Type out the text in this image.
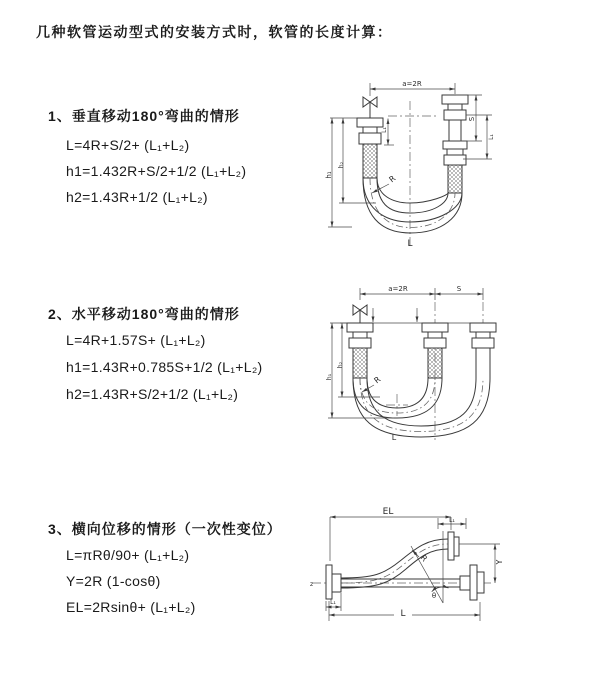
几种软管运动型式的安装方式时，软管的长度计算：
1、垂直移动180°弯曲的情形
L=4R+S/2+ (L₁+L₂)
h1=1.432R+S/2+1/2 (L₁+L₂)
h2=1.43R+1/2 (L₁+L₂)
a=2R
h₁
h₂
L₁
S
L₁
R
L
2、水平移动180°弯曲的情形
L=4R+1.57S+ (L₁+L₂)
h1=1.43R+0.785S+1/2 (L₁+L₂)
h2=1.43R+S/2+1/2 (L₁+L₂)
a=2R	S
h₁
h₂
R
L
3、横向位移的情形（一次性变位）
L=πRθ/90+ (L₁+L₂)
Y=2R (1-cosθ)
EL=2Rsinθ+ (L₁+L₂)
z
EL
L₁
θ
R	Y
L₁
L
